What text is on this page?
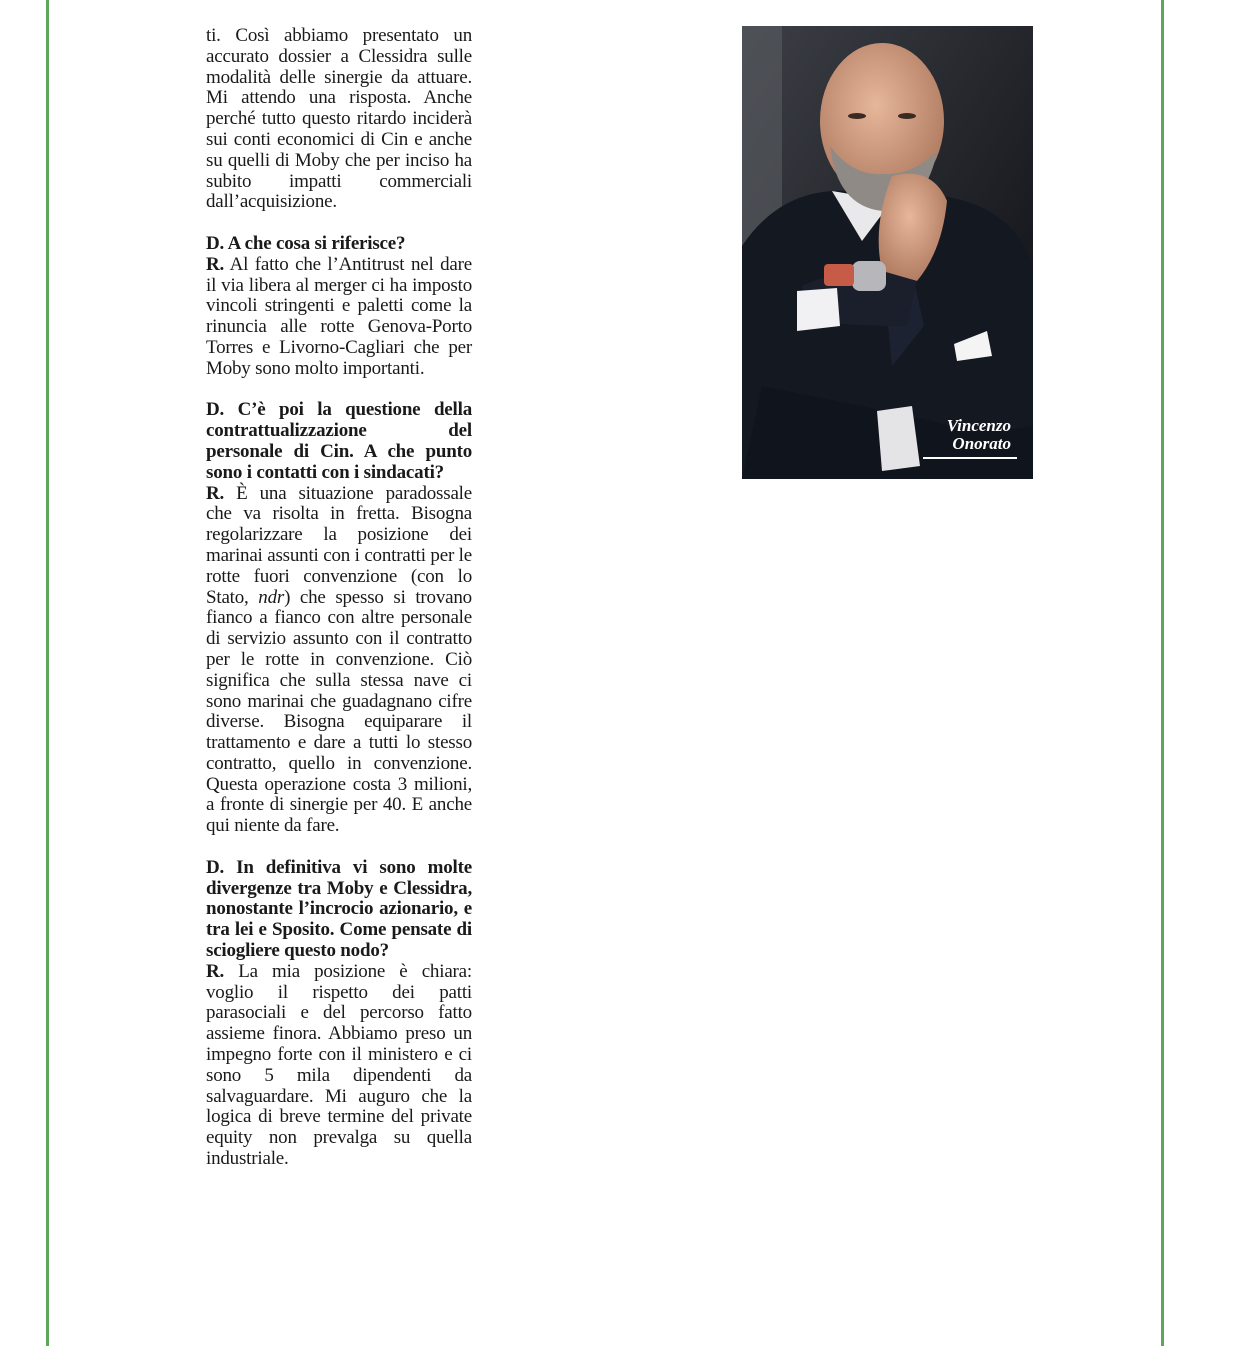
ti. Così abbiamo presentato un accurato dossier a Clessidra sulle modalità delle sinergie da attuare. Mi attendo una risposta. Anche perché tutto questo ritardo inciderà sui conti economici di Cin e anche su quelli di Moby che per inciso ha subito impatti commerciali dall’acquisizione.

D. A che cosa si riferisce?

R. Al fatto che l’Antitrust nel dare il via libera al merger ci ha imposto vincoli stringenti e paletti come la rinuncia alle rotte Genova-Porto Torres e Livorno-Cagliari che per Moby sono molto importanti.

D. C’è poi la questione della contrattualizzazione del personale di Cin. A che punto sono i contatti con i sindacati?

R. È una situazione paradossale che va risolta in fretta. Bisogna regolarizzare la posizione dei marinai assunti con i contratti per le rotte fuori convenzione (con lo Stato, ndr) che spesso si trovano fianco a fianco con altre personale di servizio assunto con il contratto per le rotte in convenzione. Ciò significa che sulla stessa nave ci sono marinai che guadagnano cifre diverse. Bisogna equiparare il trattamento e dare a tutti lo stesso contratto, quello in convenzione. Questa operazione costa 3 milioni, a fronte di sinergie per 40. E anche qui niente da fare.

D. In definitiva vi sono molte divergenze tra Moby e Clessidra, nonostante l’incrocio azionario, e tra lei e Sposito. Come pensate di sciogliere questo nodo?

R. La mia posizione è chiara: voglio il rispetto dei patti parasociali e del percorso fatto assieme finora. Abbiamo preso un impegno forte con il ministero e ci sono 5 mila dipendenti da salvaguardare. Mi auguro che la logica di breve termine del private equity non prevalga su quella industriale.

Vincenzo
Onorato
